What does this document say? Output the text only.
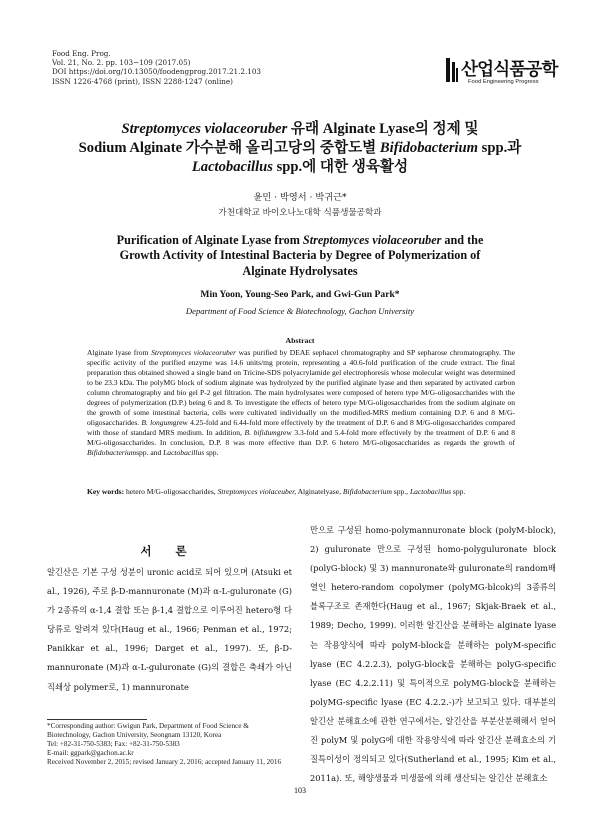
Food Eng. Prog.
Vol. 21, No. 2. pp. 103~109 (2017.05)
DOI https://doi.org/10.13050/foodengprog.2017.21.2.103
ISSN 1226-4768 (print), ISSN 2288-1247 (online)
산업식품공학
Food Engineering Progress
Streptomyces violaceoruber 유래 Alginate Lyase의 정제 및
Sodium Alginate 가수분해 올리고당의 중합도별 Bifidobacterium spp.과
Lactobacillus spp.에 대한 생육활성
윤민 · 박영서 · 박귀근*
가천대학교 바이오나노대학 식품생물공학과
Purification of Alginate Lyase from Streptomyces violaceoruber and the
Growth Activity of Intestinal Bacteria by Degree of Polymerization of
Alginate Hydrolysates
Min Yoon, Young-Seo Park, and Gwi-Gun Park*
Department of Food Science & Biotechnology, Gachon University
Abstract
Alginate lyase from Streptomyces violaceoruber was purified by DEAE sephacel chromatography and SP sepharose chromatography. The specific activity of the purified enzyme was 14.6 units/mg protein, representing a 40.6-fold purification of the crude extract. The final preparation thus obtained showed a single band on Tricine-SDS polyacrylamide gel electrophoresis whose molecular weight was determined to be 23.3 kDa. The polyMG block of sodium alginate was hydrolyzed by the purified alginate lyase and then separated by activated carbon column chromatography and bio gel P-2 gel filtration. The main hydrolysates were composed of hetero type M/G-oligosaccharides with the degrees of polymerization (D.P.) being 6 and 8. To investigate the effects of hetero type M/G-oligosaccharides from the sodium alginate on the growth of some intestinal bacteria, cells were cultivated individually on the modified-MRS medium containing D.P. 6 and 8 M/G-oligosaccharides. B. longumgrew 4.25-fold and 6.44-fold more effectively by the treatment of D.P. 6 and 8 M/G-oligosaccharides compared with those of standard MRS medium. In addition, B. bifidumgrew 3.3-fold and 5.4-fold more effectively by the treatment of D.P. 6 and 8 M/G-oligosaccharides. In conclusion, D.P. 8 was more effective than D.P. 6 hetero M/G-oligosaccharides as regards the growth of Bifidobacteriumspp. and Lactobacillus spp.
Key words: hetero M/G-oligosaccharides, Streptomyces violaceuber, Alginatelyase, Bifidobacterium spp., Lactobacillus spp.
서 론
알긴산은 기본 구성 성분이 uronic acid로 되어 있으며 (Atsuki et al., 1926), 주로 β-D-mannuronate (M)과 α-L-guluronate (G)가 2종류의 α-1,4 결합 또는 β-1,4 결합으로 이루어진 hetero형 다당류로 알려져 있다(Haug et al., 1966; Penman et al., 1972; Panikkar et al., 1996; Darget et al., 1997). 또, β-D-mannuronate (M)과 α-L-guluronate (G)의 결합은 축쇄가 아닌 직쇄상 polymer로, 1) mannuronate
만으로 구성된 homo-polymannuronate block (polyM-block), 2) guluronate 만으로 구성된 homo-polyguluronate block (polyG-block) 및 3) mannuronate와 guluronate의 random배열인 hetero-random copolymer (polyMG-blcok)의 3종류의 블록구조로 존재한다(Haug et al., 1967; Skjak-Braek et al., 1989; Decho, 1999). 이러한 알긴산을 분해하는 alginate lyase는 작용양식에 따라 polyM-block을 분해하는 polyM-specific lyase (EC 4.2.2.3), polyG-block을 분해하는 polyG-specific lyase (EC 4.2.2.11) 및 특이적으로 polyMG-block을 분해하는 polyMG-specific lyase (EC 4.2.2.-)가 보고되고 있다. 대부분의 알긴산 분해효소에 관한 연구에서는, 알긴산을 부분산분해해서 얻어진 polyM 및 polyG에 대한 작용양식에 따라 알긴산 분해효소의 기질특이성이 정의되고 있다(Sutherland et al., 1995; Kim et al., 2011a). 또, 해양생물과 미생물에 의해 생산되는 알긴산 분해효소
*Corresponding author: Gwigun Park, Department of Food Science & Biotechnology, Gachon University, Seongnam 13120, Korea
Tel: +82-31-750-5383; Fax: +82-31-750-5383
E-mail: ggpark@gachon.ac.kr
Received November 2, 2015; revised January 2, 2016; accepted January 11, 2016
103
